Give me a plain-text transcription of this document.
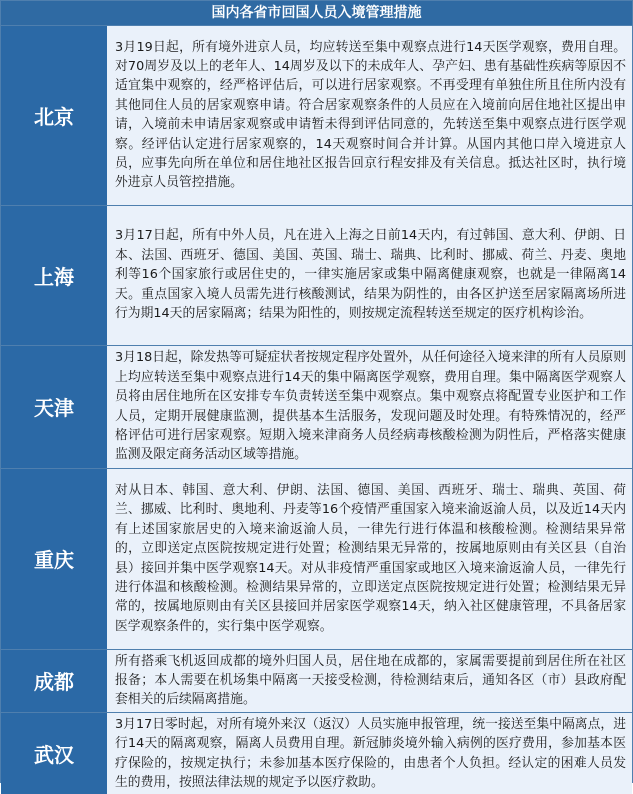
国内各省市回国人员入境管理措施
北京	3月19日起，所有境外进京人员，均应转送至集中观察点进行14天医学观察，费用自理。对70周岁及以上的老年人、14周岁及以下的未成年人、孕产妇、患有基础性疾病等原因不适宜集中观察的，经严格评估后，可以进行居家观察。不再受理有单独住所且住所内没有其他同住人员的居家观察申请。符合居家观察条件的人员应在入境前向居住地社区提出申请，入境前未申请居家观察或申请暂未得到评估同意的，先转送至集中观察点进行医学观察。经评估认定进行居家观察的，14天观察时间合并计算。从国内其他口岸入境进京人员，应事先向所在单位和居住地社区报告回京行程安排及有关信息。抵达社区时，执行境外进京人员管控措施。
上海	3月17日起，所有中外人员，凡在进入上海之日前14天内，有过韩国、意大利、伊朗、日本、法国、西班牙、德国、美国、英国、瑞士、瑞典、比利时、挪威、荷兰、丹麦、奥地利等16个国家旅行或居住史的，一律实施居家或集中隔离健康观察，也就是一律隔离14天。重点国家入境人员需先进行核酸测试，结果为阴性的，由各区护送至居家隔离场所进行为期14天的居家隔离；结果为阳性的，则按规定流程转送至规定的医疗机构诊治。
天津	3月18日起，除发热等可疑症状者按规定程序处置外，从任何途径入境来津的所有人员原则上均应转送至集中观察点进行14天的集中隔离医学观察，费用自理。集中隔离医学观察人员将由居住地所在区安排专车负责转送至集中观察点。集中观察点将配置专业医护和工作人员，定期开展健康监测，提供基本生活服务，发现问题及时处理。有特殊情况的，经严格评估可进行居家观察。短期入境来津商务人员经病毒核酸检测为阴性后，严格落实健康监测及限定商务活动区域等措施。
重庆	对从日本、韩国、意大利、伊朗、法国、德国、美国、西班牙、瑞士、瑞典、英国、荷兰、挪威、比利时、奥地利、丹麦等16个疫情严重国家入境来渝返渝人员，以及近14天内有上述国家旅居史的入境来渝返渝人员，一律先行进行体温和核酸检测。检测结果异常的，立即送定点医院按规定进行处置；检测结果无异常的，按属地原则由有关区县（自治县）接回并集中医学观察14天。对从非疫情严重国家或地区入境来渝返渝人员，一律先行进行体温和核酸检测。检测结果异常的，立即送定点医院按规定进行处置；检测结果无异常的，按属地原则由有关区县接回并居家医学观察14天，纳入社区健康管理，不具备居家医学观察条件的，实行集中医学观察。
成都	所有搭乘飞机返回成都的境外归国人员，居住地在成都的，家属需要提前到居住所在社区报备；本人需要在机场集中隔离一天接受检测，待检测结束后，通知各区（市）县政府配套相关的后续隔离措施。
武汉	3月17日零时起，对所有境外来汉（返汉）人员实施申报管理，统一接送至集中隔离点，进行14天的隔离观察，隔离人员费用自理。新冠肺炎境外输入病例的医疗费用，参加基本医疗保险的，按规定执行；未参加基本医疗保险的，由患者个人负担。经认定的困难人员发生的费用，按照法律法规的规定予以医疗救助。
